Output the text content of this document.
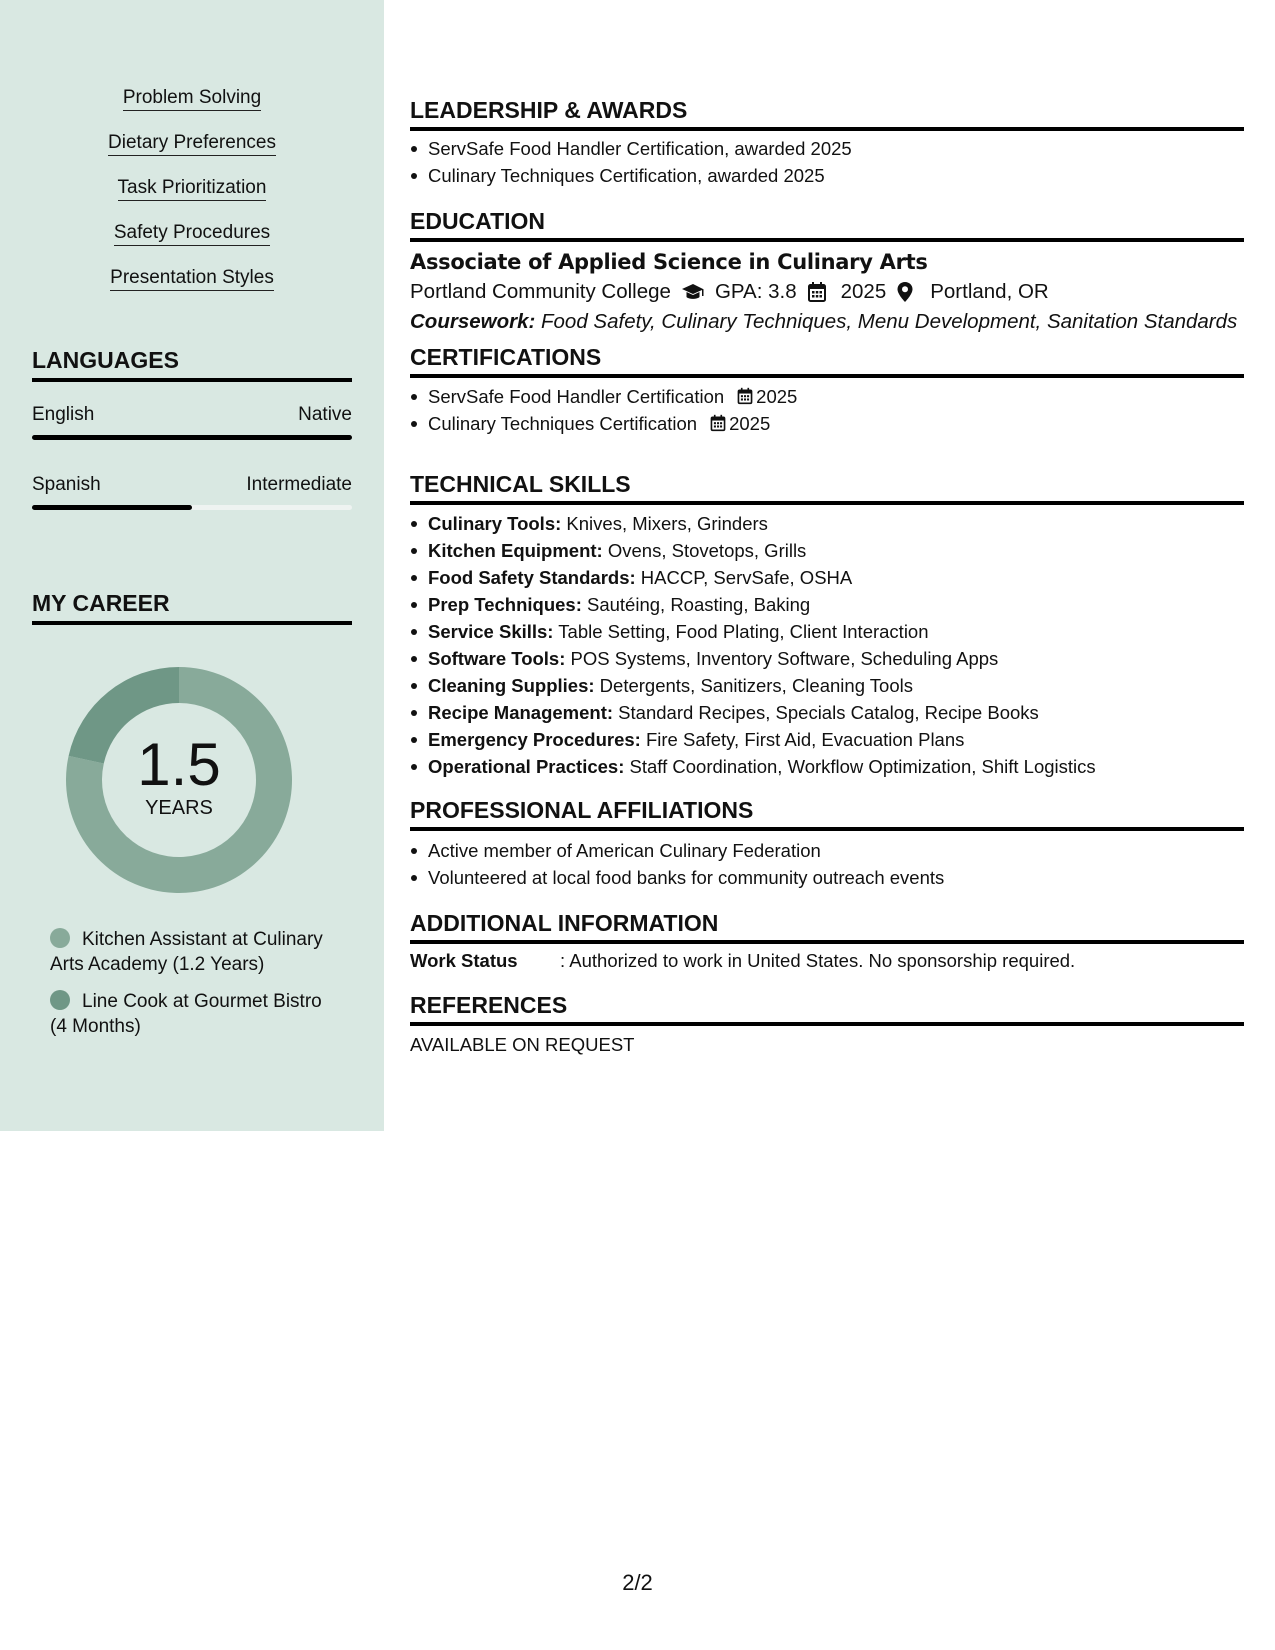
Problem Solving
Dietary Preferences
Task Prioritization
Safety Procedures
Presentation Styles
LANGUAGES
English	Native
Spanish	Intermediate
MY CAREER
1.5
YEARS
Kitchen Assistant at Culinary Arts Academy (1.2 Years)
Line Cook at Gourmet Bistro (4 Months)
LEADERSHIP & AWARDS
ServSafe Food Handler Certification, awarded 2025
Culinary Techniques Certification, awarded 2025
EDUCATION
Associate of Applied Science in Culinary Arts
Portland Community College GPA: 3.8 2025 Portland, OR
Coursework: Food Safety, Culinary Techniques, Menu Development, Sanitation Standards
CERTIFICATIONS
ServSafe Food Handler Certification 2025
Culinary Techniques Certification 2025
TECHNICAL SKILLS
Culinary Tools: Knives, Mixers, Grinders
Kitchen Equipment: Ovens, Stovetops, Grills
Food Safety Standards: HACCP, ServSafe, OSHA
Prep Techniques: Sautéing, Roasting, Baking
Service Skills: Table Setting, Food Plating, Client Interaction
Software Tools: POS Systems, Inventory Software, Scheduling Apps
Cleaning Supplies: Detergents, Sanitizers, Cleaning Tools
Recipe Management: Standard Recipes, Specials Catalog, Recipe Books
Emergency Procedures: Fire Safety, First Aid, Evacuation Plans
Operational Practices: Staff Coordination, Workflow Optimization, Shift Logistics
PROFESSIONAL AFFILIATIONS
Active member of American Culinary Federation
Volunteered at local food banks for community outreach events
ADDITIONAL INFORMATION
Work Status	: Authorized to work in United States. No sponsorship required.
REFERENCES
AVAILABLE ON REQUEST
2/2
